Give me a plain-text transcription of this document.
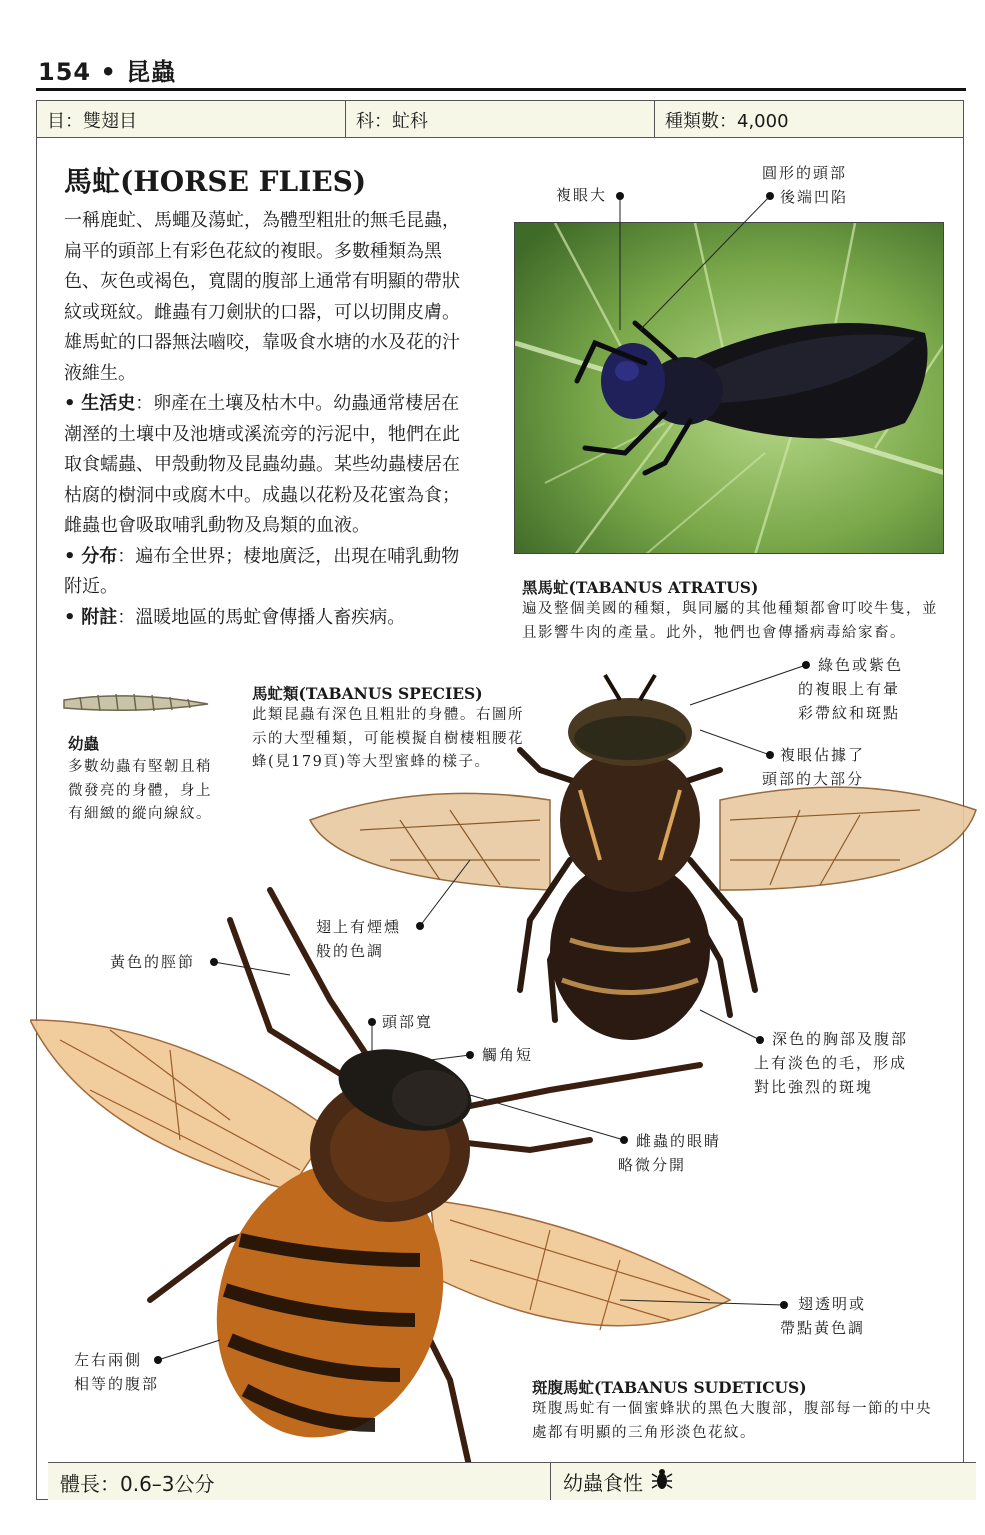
154 • 昆蟲
目：雙翅目	科：虻科	種類數：4,000
馬虻(HORSE FLIES)

一稱鹿虻、馬蠅及蕩虻，為體型粗壯的無毛昆蟲，扁平的頭部上有彩色花紋的複眼。多數種類為黑色、灰色或褐色，寬闊的腹部上通常有明顯的帶狀紋或斑紋。雌蟲有刀劍狀的口器，可以切開皮膚。雄馬虻的口器無法嚙咬，靠吸食水塘的水及花的汁液維生。

• 生活史：卵產在土壤及枯木中。幼蟲通常棲居在潮溼的土壤中及池塘或溪流旁的污泥中，牠們在此取食蠕蟲、甲殼動物及昆蟲幼蟲。某些幼蟲棲居在枯腐的樹洞中或腐木中。成蟲以花粉及花蜜為食；雌蟲也會吸取哺乳動物及鳥類的血液。

• 分布：遍布全世界；棲地廣泛，出現在哺乳動物附近。

• 附註：溫暖地區的馬虻會傳播人畜疾病。

複眼大
圓形的頭部
後端凹陷
黑馬虻(TABANUS ATRATUS)
遍及整個美國的種類，與同屬的其他種類都會叮咬牛隻，並且影響牛肉的產量。此外，牠們也會傳播病毒給家畜。
幼蟲
多數幼蟲有堅韌且稍微發亮的身體，身上有細緻的縱向線紋。
馬虻類(TABANUS SPECIES)
此類昆蟲有深色且粗壯的身體。右圖所示的大型種類，可能模擬自樹棲粗腰花蜂(見179頁)等大型蜜蜂的樣子。
綠色或紫色
的複眼上有暈
彩帶紋和斑點
複眼佔據了
頭部的大部分
翅上有煙燻
般的色調
黃色的脛節
頭部寬
觸角短
深色的胸部及腹部
上有淡色的毛，形成
對比強烈的斑塊
雌蟲的眼睛
略微分開
翅透明或
帶點黃色調
左右兩側
相等的腹部	斑腹馬虻(TABANUS SUDETICUS)
斑腹馬虻有一個蜜蜂狀的黑色大腹部，腹部每一節的中央處都有明顯的三角形淡色花紋。
體長：0.6–3公分	幼蟲食性
